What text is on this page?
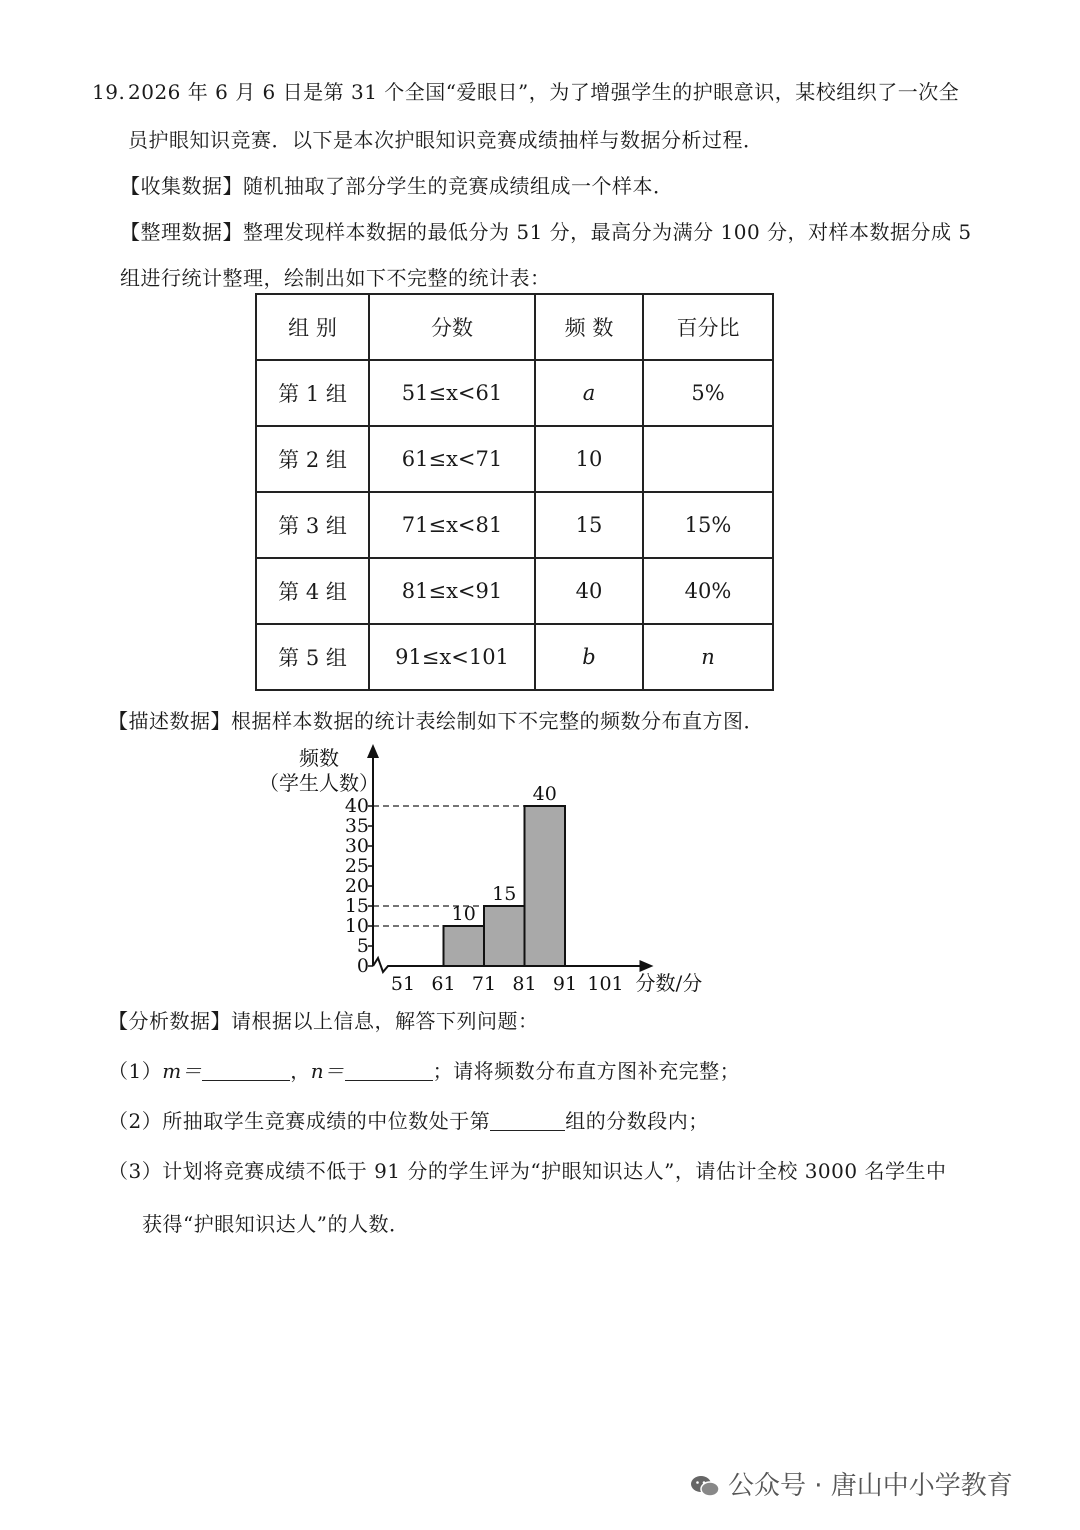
19. 2026 年 6 月 6 日是第 31 个全国“爱眼日”，为了增强学生的护眼意识，某校组织了一次全
员护眼知识竞赛．以下是本次护眼知识竞赛成绩抽样与数据分析过程．
【收集数据】随机抽取了部分学生的竞赛成绩组成一个样本．
【整理数据】整理发现样本数据的最低分为 51 分，最高分为满分 100 分，对样本数据分成 5
组进行统计整理，绘制出如下不完整的统计表：
组 别	分数	频 数	百分比
第 1 组	51≤x<61	a	5%
第 2 组	61≤x<71	10	
第 3 组	71≤x<81	15	15%
第 4 组	81≤x<91	40	40%
第 5 组	91≤x<101	b	n
【描述数据】根据样本数据的统计表绘制如下不完整的频数分布直方图．
频数
（学生人数）
10
15
40
0
5
10
15
20
25
30
35
40
51 61 71 81 91 101 分数/分
【分析数据】请根据以上信息，解答下列问题：
（1）m＝	，n＝	；请将频数分布直方图补充完整；
（2）所抽取学生竞赛成绩的中位数处于第	组的分数段内；
（3）计划将竞赛成绩不低于 91 分的学生评为“护眼知识达人”，请估计全校 3000 名学生中
获得“护眼知识达人”的人数．
公众号 · 唐山中小学教育
